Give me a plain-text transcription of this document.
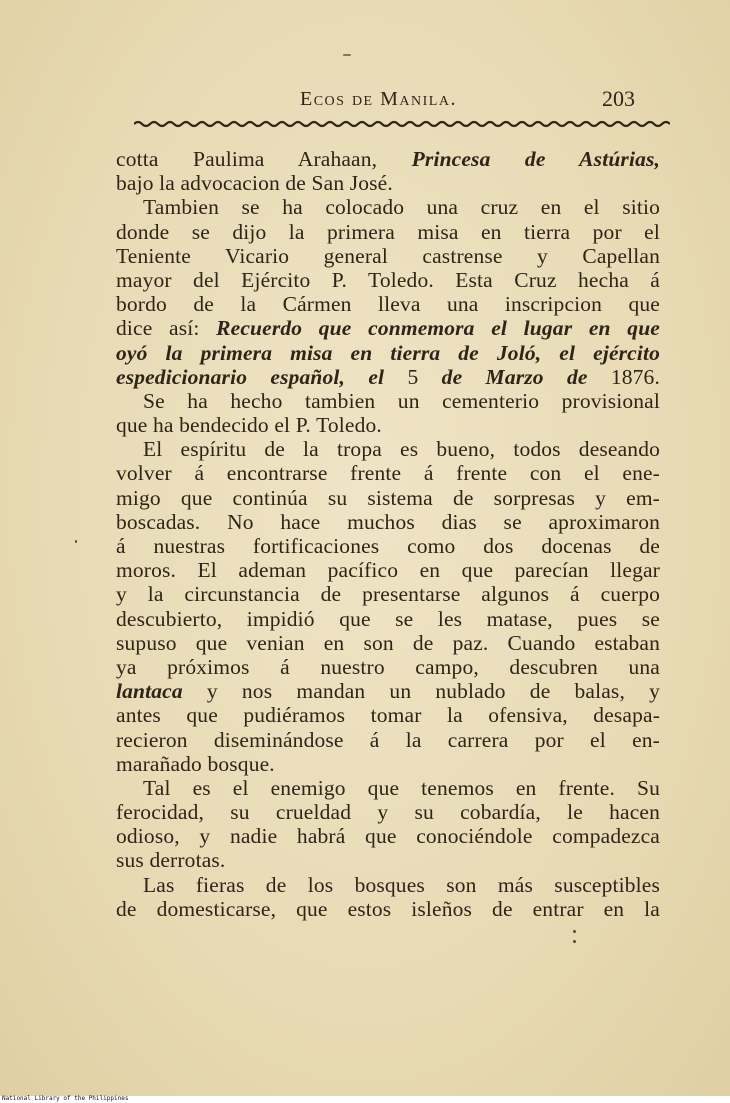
Ecos de Manila.	203
cotta Paulima Arahaan, Princesa de Astúrias,
bajo la advocacion de San José.
Tambien se ha colocado una cruz en el sitio
donde se dijo la primera misa en tierra por el
Teniente Vicario general castrense y Capellan
mayor del Ejército P. Toledo. Esta Cruz hecha á
bordo de la Cármen lleva una inscripcion que
dice así: Recuerdo que conmemora el lugar en que
oyó la primera misa en tierra de Joló, el ejército
espedicionario español, el 5 de Marzo de 1876.
Se ha hecho tambien un cementerio provisional
que ha bendecido el P. Toledo.
El espíritu de la tropa es bueno, todos deseando
volver á encontrarse frente á frente con el ene-
migo que continúa su sistema de sorpresas y em-
boscadas. No hace muchos dias se aproximaron
á nuestras fortificaciones como dos docenas de
moros. El ademan pacífico en que parecían llegar
y la circunstancia de presentarse algunos á cuerpo
descubierto, impidió que se les matase, pues se
supuso que venian en son de paz. Cuando estaban
ya próximos á nuestro campo, descubren una
lantaca y nos mandan un nublado de balas, y
antes que pudiéramos tomar la ofensiva, desapa-
recieron diseminándose á la carrera por el en-
marañado bosque.
Tal es el enemigo que tenemos en frente. Su
ferocidad, su crueldad y su cobardía, le hacen
odioso, y nadie habrá que conociéndole compadezca
sus derrotas.
Las fieras de los bosques son más susceptibles
de domesticarse, que estos isleños de entrar en la
National Library of the Philippines
